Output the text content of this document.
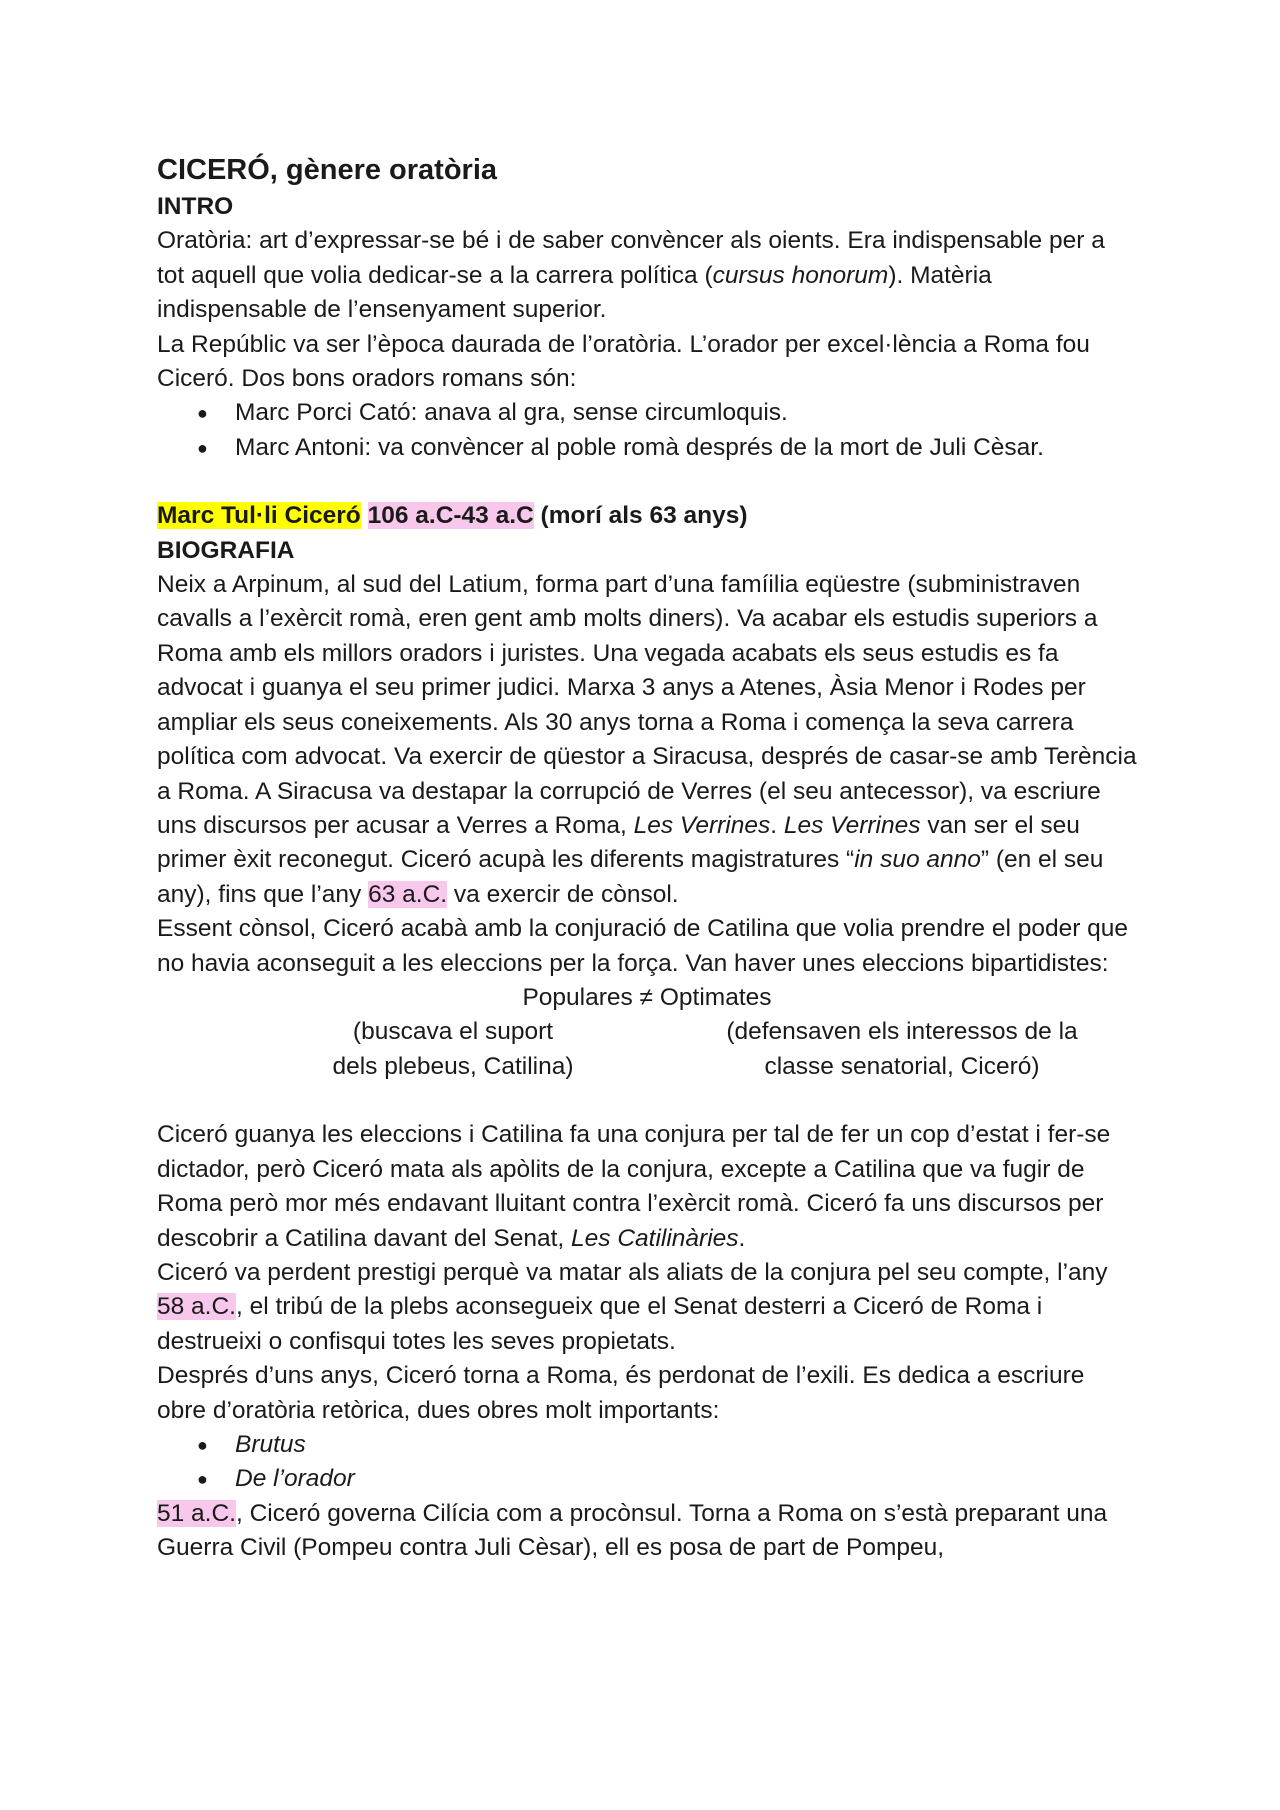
CICERÓ, gènere oratòria
INTRO

Oratòria: art d’expressar-se bé i de saber convèncer als oients. Era indispensable per a tot aquell que volia dedicar-se a la carrera política (cursus honorum). Matèria indispensable de l’ensenyament superior.

La Repúblic va ser l’època daurada de l’oratòria. L’orador per excel·lència a Roma fou Ciceró. Dos bons oradors romans són:

● Marc Porci Cató: anava al gra, sense circumloquis.
● Marc Antoni: va convèncer al poble romà després de la mort de Juli Cèsar.
Marc Tul·li Ciceró 106 a.C-43 a.C (morí als 63 anys)
BIOGRAFIA

Neix a Arpinum, al sud del Latium, forma part d’una famíilia eqüestre (subministraven cavalls a l’exèrcit romà, eren gent amb molts diners). Va acabar els estudis superiors a Roma amb els millors oradors i juristes. Una vegada acabats els seus estudis es fa advocat i guanya el seu primer judici. Marxa 3 anys a Atenes, Àsia Menor i Rodes per ampliar els seus coneixements. Als 30 anys torna a Roma i comença la seva carrera política com advocat. Va exercir de qüestor a Siracusa, després de casar-se amb Terència a Roma. A Siracusa va destapar la corrupció de Verres (el seu antecessor), va escriure uns discursos per acusar a Verres a Roma, Les Verrines. Les Verrines van ser el seu primer èxit reconegut. Ciceró acupà les diferents magistratures “in suo anno” (en el seu any), fins que l’any 63 a.C. va exercir de cònsol.

Essent cònsol, Ciceró acabà amb la conjuració de Catilina que volia prendre el poder que no havia aconseguit a les eleccions per la força. Van haver unes eleccions bipartidistes:

Populares ≠ Optimates
(buscava el suport
dels plebeus, Catilina)
(defensaven els interessos de la
classe senatorial, Ciceró)

Ciceró guanya les eleccions i Catilina fa una conjura per tal de fer un cop d’estat i fer-se dictador, però Ciceró mata als apòlits de la conjura, excepte a Catilina que va fugir de Roma però mor més endavant lluitant contra l’exèrcit romà. Ciceró fa uns discursos per descobrir a Catilina davant del Senat, Les Catilinàries.

Ciceró va perdent prestigi perquè va matar als aliats de la conjura pel seu compte, l’any 58 a.C., el tribú de la plebs aconsegueix que el Senat desterri a Ciceró de Roma i destrueixi o confisqui totes les seves propietats.

Després d’uns anys, Ciceró torna a Roma, és perdonat de l’exili. Es dedica a escriure obre d’oratòria retòrica, dues obres molt importants:

● Brutus
● De l’orador

51 a.C., Ciceró governa Cilícia com a procònsul. Torna a Roma on s’està preparant una Guerra Civil (Pompeu contra Juli Cèsar), ell es posa de part de Pompeu,
